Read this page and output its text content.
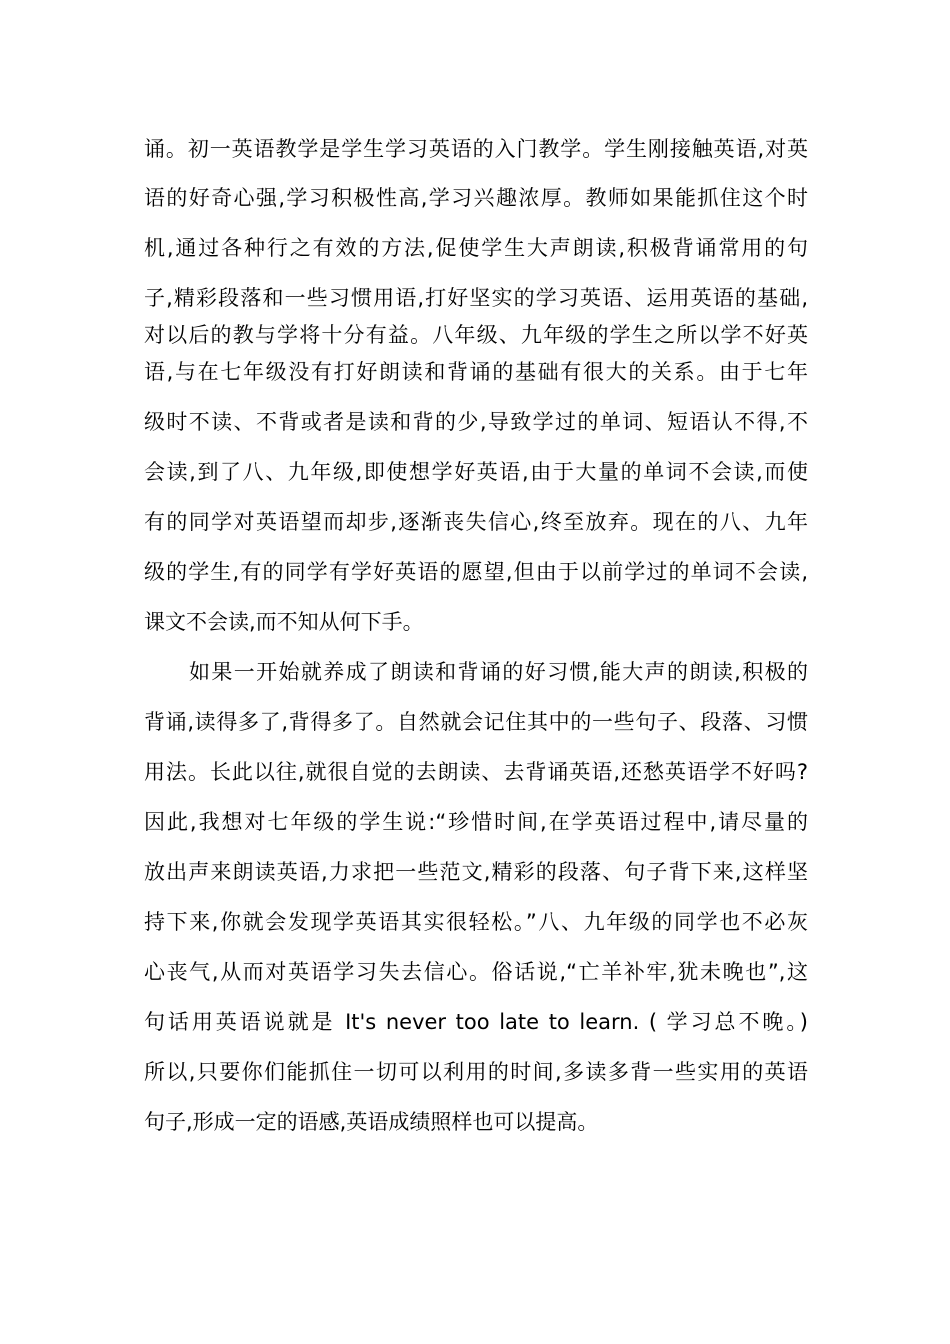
诵。初一英语教学是学生学习英语的入门教学。学生刚接触英语,对英
语的好奇心强,学习积极性高,学习兴趣浓厚。教师如果能抓住这个时
机,通过各种行之有效的方法,促使学生大声朗读,积极背诵常用的句
子,精彩段落和一些习惯用语,打好坚实的学习英语、运用英语的基础,
对以后的教与学将十分有益。八年级、九年级的学生之所以学不好英
语,与在七年级没有打好朗读和背诵的基础有很大的关系。由于七年
级时不读、不背或者是读和背的少,导致学过的单词、短语认不得,不
会读,到了八、九年级,即使想学好英语,由于大量的单词不会读,而使
有的同学对英语望而却步,逐渐丧失信心,终至放弃。现在的八、九年
级的学生,有的同学有学好英语的愿望,但由于以前学过的单词不会读,
课文不会读,而不知从何下手。
如果一开始就养成了朗读和背诵的好习惯,能大声的朗读,积极的
背诵,读得多了,背得多了。自然就会记住其中的一些句子、段落、习惯
用法。长此以往,就很自觉的去朗读、去背诵英语,还愁英语学不好吗?
因此,我想对七年级的学生说:“珍惜时间,在学英语过程中,请尽量的
放出声来朗读英语,力求把一些范文,精彩的段落、句子背下来,这样坚
持下来,你就会发现学英语其实很轻松。”八、九年级的同学也不必灰
心丧气,从而对英语学习失去信心。俗话说,“亡羊补牢,犹未晚也”,这
句话用英语说就是 It's never too late to learn. ( 学习总不晚。)
所以,只要你们能抓住一切可以利用的时间,多读多背一些实用的英语
句子,形成一定的语感,英语成绩照样也可以提高。
